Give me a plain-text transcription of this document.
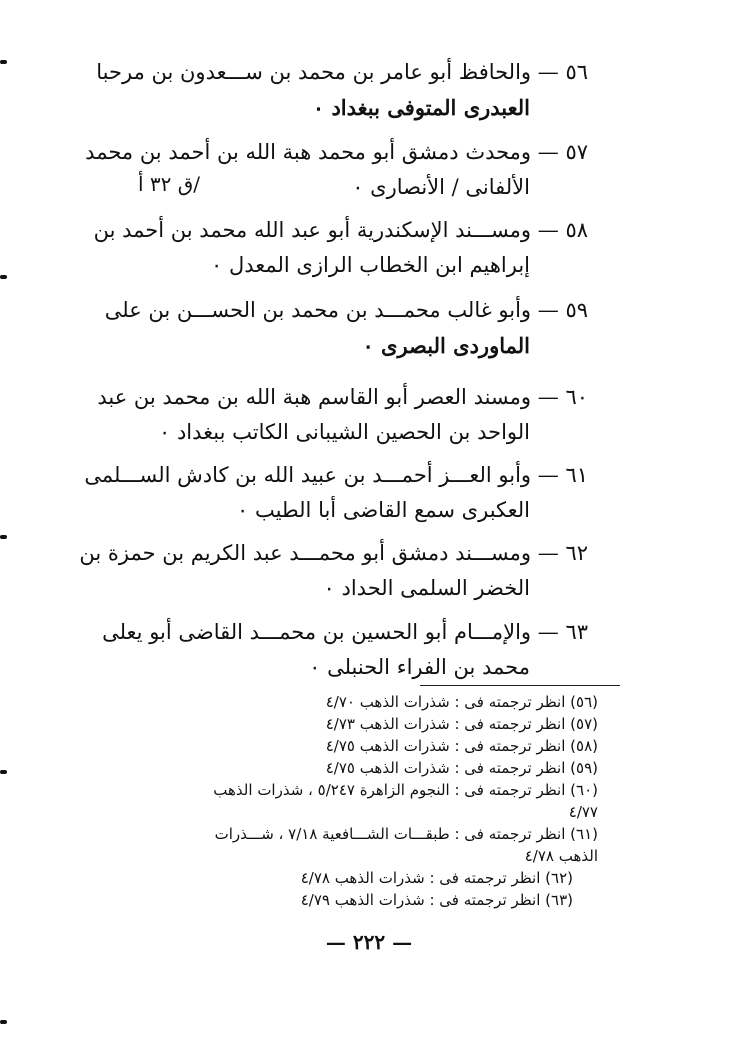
٥٦ — والحافظ أبو عامر بن محمد بن ســـعدون بن مرحبا
العبدرى المتوفى ببغداد ٠
٥٧ — ومحدث دمشق أبو محمد هبة الله بن أحمد بن محمد
الألفانى / الأنصارى ٠
/ق ٣٢ أ
٥٨ — ومســـند الإسكندرية أبو عبد الله محمد بن أحمد بن
إبراهيم ابن الخطاب الرازى المعدل ٠
٥٩ — وأبو غالب محمـــد بن محمد بن الحســـن بن على
الماوردى البصرى ٠
٦٠ — ومسند العصر أبو القاسم هبة الله بن محمد بن عبد
الواحد بن الحصين الشيبانى الكاتب ببغداد ٠
٦١ — وأبو العـــز أحمـــد بن عبيد الله بن كادش الســـلمى
العكبرى سمع القاضى أبا الطيب ٠
٦٢ — ومســـند دمشق أبو محمـــد عبد الكريم بن حمزة بن
الخضر السلمى الحداد ٠
٦٣ — والإمـــام أبو الحسين بن محمـــد القاضى أبو يعلى
محمد بن الفراء الحنبلى ٠
(٥٦) انظر ترجمته فى : شذرات الذهب ٤/٧٠
(٥٧) انظر ترجمته فى : شذرات الذهب ٤/٧٣
(٥٨) انظر ترجمته فى : شذرات الذهب ٤/٧٥
(٥٩) انظر ترجمته فى : شذرات الذهب ٤/٧٥
(٦٠) انظر ترجمته فى : النجوم الزاهرة ٥/٢٤٧ ، شذرات الذهب
٤/٧٧
(٦١) انظر ترجمته فى : طبقـــات الشـــافعية ٧/١٨ ، شـــذرات
الذهب ٤/٧٨
(٦٢) انظر ترجمته فى : شذرات الذهب ٤/٧٨
(٦٣) انظر ترجمته فى : شذرات الذهب ٤/٧٩
— ٢٢٢ —
